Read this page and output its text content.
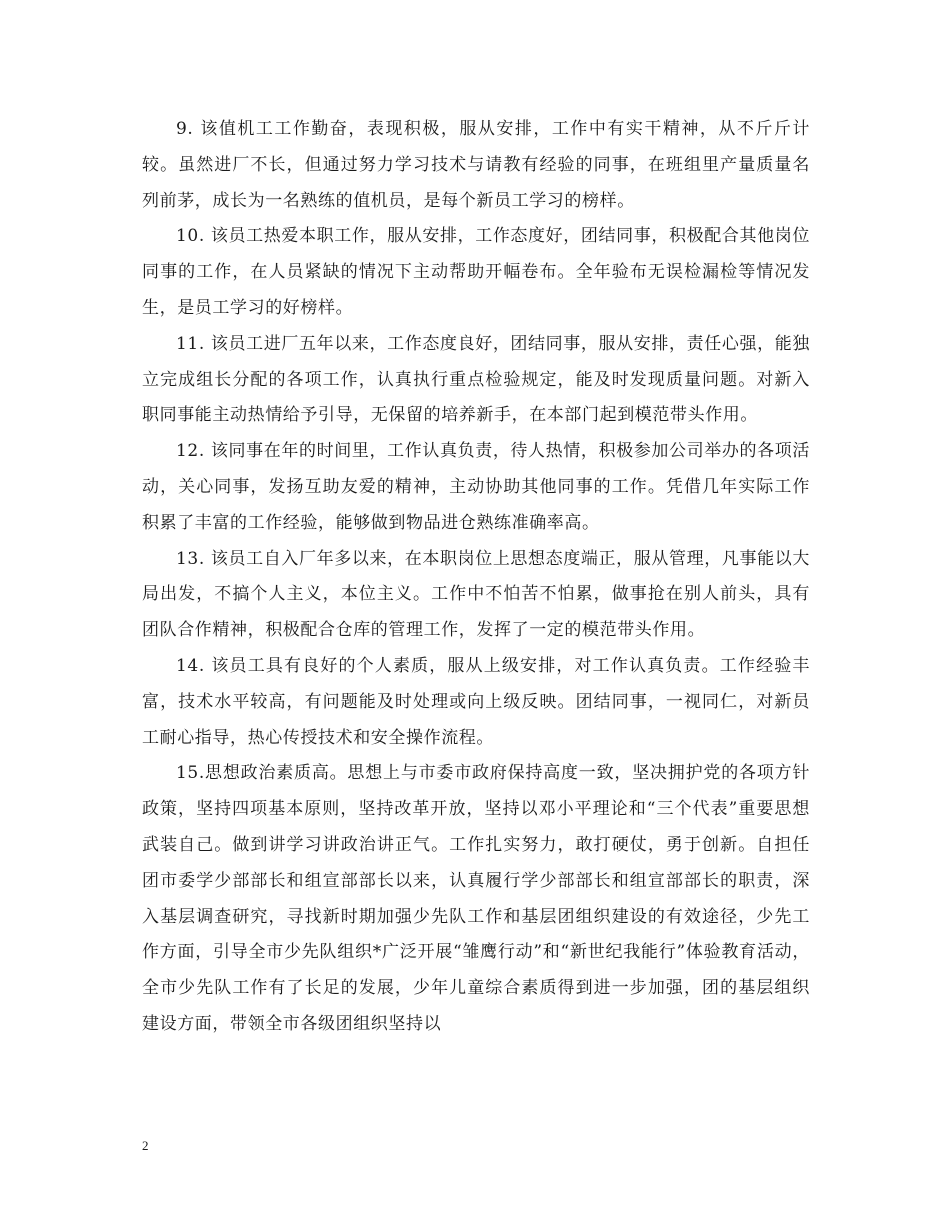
9. 该值机工工作勤奋，表现积极，服从安排，工作中有实干精神，从不斤斤计较。虽然进厂不长，但通过努力学习技术与请教有经验的同事，在班组里产量质量名列前茅，成长为一名熟练的值机员，是每个新员工学习的榜样。

10. 该员工热爱本职工作，服从安排，工作态度好，团结同事，积极配合其他岗位同事的工作，在人员紧缺的情况下主动帮助开幅卷布。全年验布无误检漏检等情况发生，是员工学习的好榜样。

11. 该员工进厂五年以来，工作态度良好，团结同事，服从安排，责任心强，能独立完成组长分配的各项工作，认真执行重点检验规定，能及时发现质量问题。对新入职同事能主动热情给予引导，无保留的培养新手，在本部门起到模范带头作用。

12. 该同事在年的时间里，工作认真负责，待人热情，积极参加公司举办的各项活动，关心同事，发扬互助友爱的精神，主动协助其他同事的工作。凭借几年实际工作积累了丰富的工作经验，能够做到物品进仓熟练准确率高。

13. 该员工自入厂年多以来，在本职岗位上思想态度端正，服从管理，凡事能以大局出发，不搞个人主义，本位主义。工作中不怕苦不怕累，做事抢在别人前头，具有团队合作精神，积极配合仓库的管理工作，发挥了一定的模范带头作用。

14. 该员工具有良好的个人素质，服从上级安排，对工作认真负责。工作经验丰富，技术水平较高，有问题能及时处理或向上级反映。团结同事，一视同仁，对新员工耐心指导，热心传授技术和安全操作流程。

15.思想政治素质高。思想上与市委市政府保持高度一致，坚决拥护党的各项方针政策，坚持四项基本原则，坚持改革开放，坚持以邓小平理论和“三个代表”重要思想武装自己。做到讲学习讲政治讲正气。工作扎实努力，敢打硬仗，勇于创新。自担任团市委学少部部长和组宣部部长以来，认真履行学少部部长和组宣部部长的职责，深入基层调查研究，寻找新时期加强少先队工作和基层团组织建设的有效途径，少先工作方面，引导全市少先队组织*广泛开展“雏鹰行动”和“新世纪我能行”体验教育活动，全市少先队工作有了长足的发展，少年儿童综合素质得到进一步加强，团的基层组织建设方面，带领全市各级团组织坚持以

2
